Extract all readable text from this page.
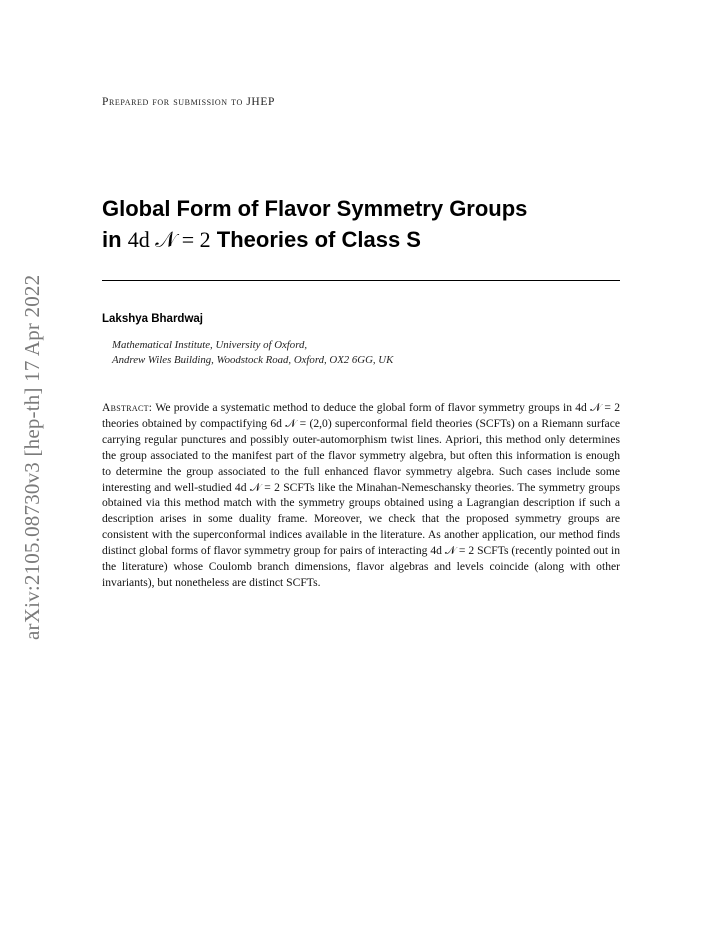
arXiv:2105.08730v3 [hep-th] 17 Apr 2022
Prepared for submission to JHEP
Global Form of Flavor Symmetry Groups
in 4d 𝒩 = 2 Theories of Class S
Lakshya Bhardwaj
Mathematical Institute, University of Oxford,
Andrew Wiles Building, Woodstock Road, Oxford, OX2 6GG, UK
Abstract: We provide a systematic method to deduce the global form of flavor symmetry groups in 4d 𝒩 = 2 theories obtained by compactifying 6d 𝒩 = (2,0) superconformal field theories (SCFTs) on a Riemann surface carrying regular punctures and possibly outer-automorphism twist lines. Apriori, this method only determines the group associated to the manifest part of the flavor symmetry algebra, but often this information is enough to determine the group associated to the full enhanced flavor symmetry algebra. Such cases include some interesting and well-studied 4d 𝒩 = 2 SCFTs like the Minahan-Nemeschansky theories. The symmetry groups obtained via this method match with the symmetry groups obtained using a Lagrangian description if such a description arises in some duality frame. Moreover, we check that the proposed symmetry groups are consistent with the superconformal indices available in the literature. As another application, our method finds distinct global forms of flavor symmetry group for pairs of interacting 4d 𝒩 = 2 SCFTs (recently pointed out in the literature) whose Coulomb branch dimensions, flavor algebras and levels coincide (along with other invariants), but nonetheless are distinct SCFTs.
